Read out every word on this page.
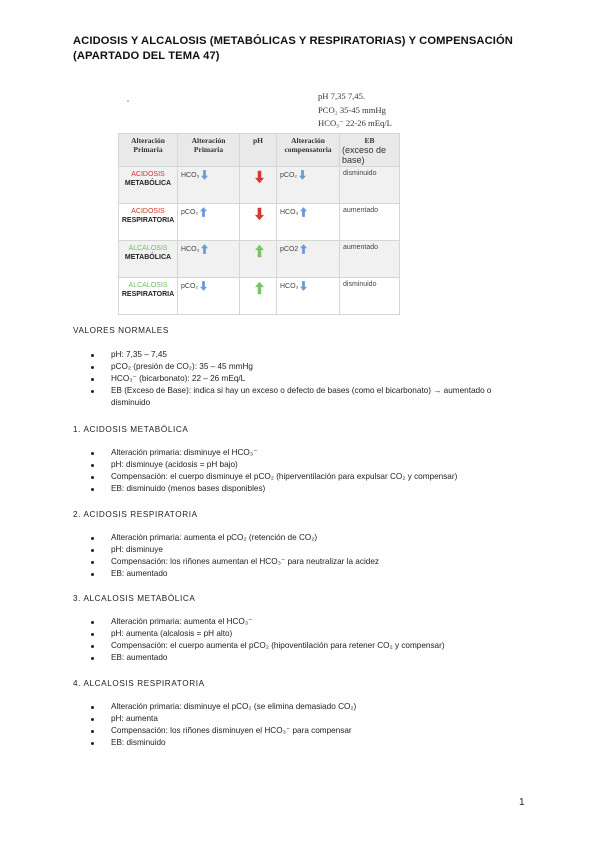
ACIDOSIS Y ALCALOSIS (METABÓLICAS Y RESPIRATORIAS) Y COMPENSACIÓN
(APARTADO DEL TEMA 47)
pH 7,35 7,45.
PCO₂ 35-45 mmHg
HCO₃⁻ 22-26 mEq/L
Alteración Primaria	Alteración Primaria	pH	Alteración compensatoria	EB
(exceso de base)

ACIDOSIS
METABÓLICA	HCO₃		pCO₂	disminuido

ACIDOSIS
RESPIRATORIA	pCO₂		HCO₃	aumentado

ALCALOSIS
METABÓLICA	HCO₃		pCO2	aumentado

ALCALOSIS
RESPIRATORIA	pCO₂		HCO₃	disminuido
VALORES NORMALES
pH: 7,35 – 7,45
pCO₂ (presión de CO₂): 35 – 45 mmHg
HCO₃⁻ (bicarbonato): 22 – 26 mEq/L
EB (Exceso de Base): indica si hay un exceso o defecto de bases (como el bicarbonato) → aumentado o disminuido
1. ACIDOSIS METABÓLICA
Alteración primaria: disminuye el HCO₃⁻
pH: disminuye (acidosis = pH bajo)
Compensación: el cuerpo disminuye el pCO₂ (hiperventilación para expulsar CO₂ y compensar)
EB: disminuido (menos bases disponibles)
2. ACIDOSIS RESPIRATORIA
Alteración primaria: aumenta el pCO₂ (retención de CO₂)
pH: disminuye
Compensación: los riñones aumentan el HCO₃⁻ para neutralizar la acidez
EB: aumentado
3. ALCALOSIS METABÓLICA
Alteración primaria: aumenta el HCO₃⁻
pH: aumenta (alcalosis = pH alto)
Compensación: el cuerpo aumenta el pCO₂ (hipoventilación para retener CO₂ y compensar)
EB: aumentado
4. ALCALOSIS RESPIRATORIA
Alteración primaria: disminuye el pCO₂ (se elimina demasiado CO₂)
pH: aumenta
Compensación: los riñones disminuyen el HCO₃⁻ para compensar
EB: disminuido
1
